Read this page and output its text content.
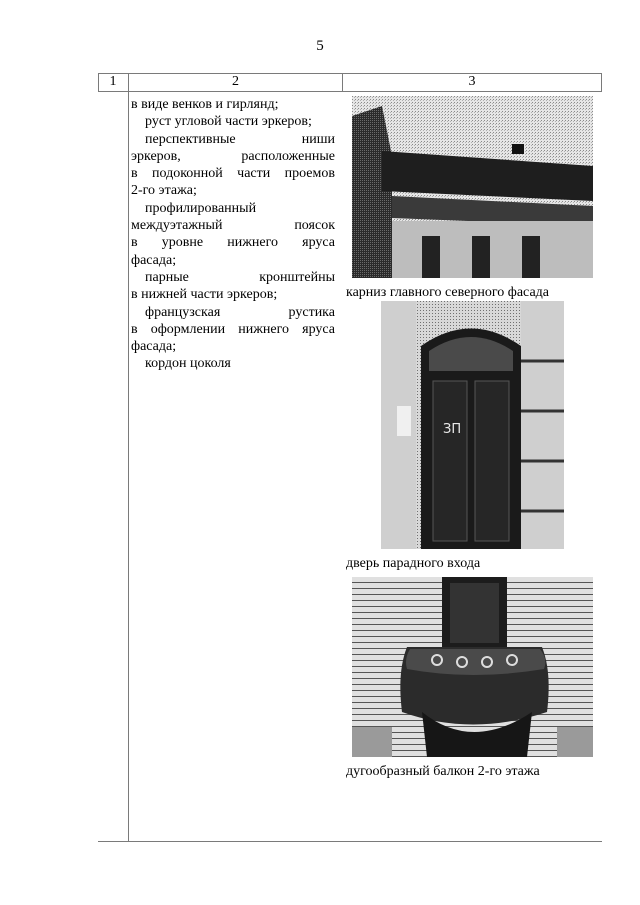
5
1	2	3
в виде венков и гирлянд;
руст угловой части эркеров;
перспективные	ниши
эркеров,	расположенные
в подоконной части проемов
2-го этажа;
профилированный
междуэтажный	поясок
в уровне нижнего яруса
фасада;
парные	кронштейны
в нижней части эркеров;
французская	рустика
в оформлении нижнего яруса
фасада;
кордон цоколя
карниз главного северного фасада
ЗП
дверь парадного входа
дугообразный балкон 2-го этажа
